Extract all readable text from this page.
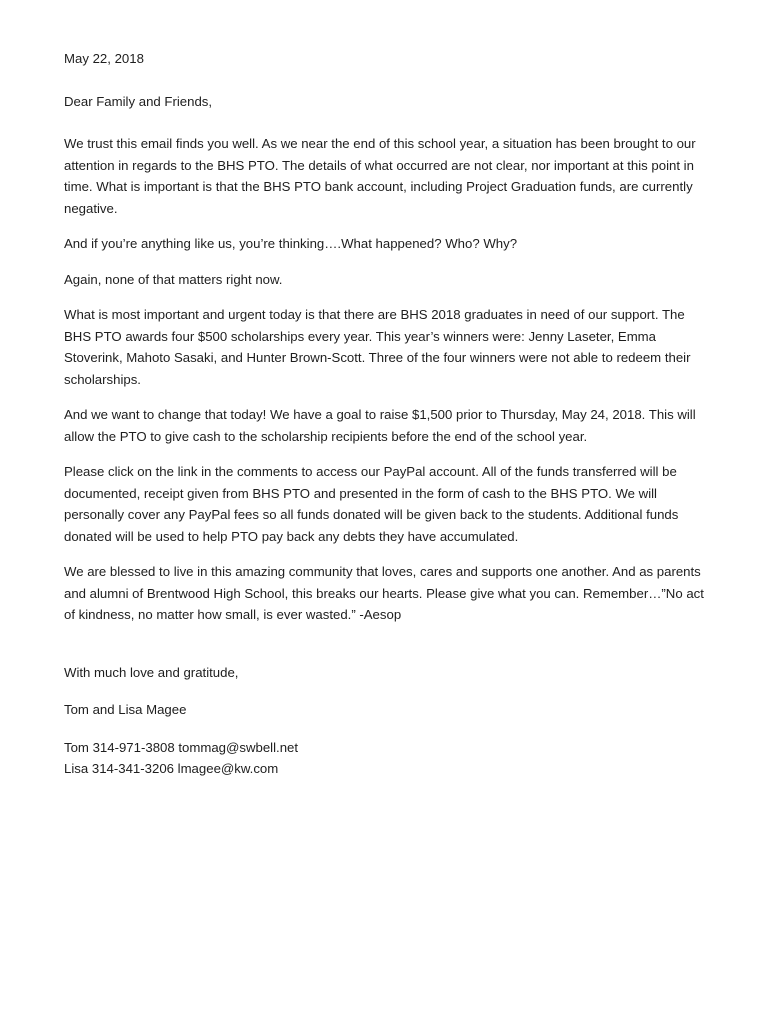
May 22, 2018

Dear Family and Friends,

We trust this email finds you well. As we near the end of this school year, a situation has been brought to our attention in regards to the BHS PTO. The details of what occurred are not clear, nor important at this point in time. What is important is that the BHS PTO bank account, including Project Graduation funds, are currently negative.

And if you’re anything like us, you’re thinking….What happened? Who? Why?

Again, none of that matters right now.

What is most important and urgent today is that there are BHS 2018 graduates in need of our support. The BHS PTO awards four $500 scholarships every year. This year’s winners were: Jenny Laseter, Emma Stoverink, Mahoto Sasaki, and Hunter Brown-Scott. Three of the four winners were not able to redeem their scholarships.

And we want to change that today! We have a goal to raise $1,500 prior to Thursday, May 24, 2018. This will allow the PTO to give cash to the scholarship recipients before the end of the school year.

Please click on the link in the comments to access our PayPal account. All of the funds transferred will be documented, receipt given from BHS PTO and presented in the form of cash to the BHS PTO. We will personally cover any PayPal fees so all funds donated will be given back to the students. Additional funds donated will be used to help PTO pay back any debts they have accumulated.

We are blessed to live in this amazing community that loves, cares and supports one another. And as parents and alumni of Brentwood High School, this breaks our hearts. Please give what you can. Remember…”No act of kindness, no matter how small, is ever wasted.” -Aesop

With much love and gratitude,

Tom and Lisa Magee

Tom 314-971-3808 tommag@swbell.net
Lisa 314-341-3206 lmagee@kw.com
